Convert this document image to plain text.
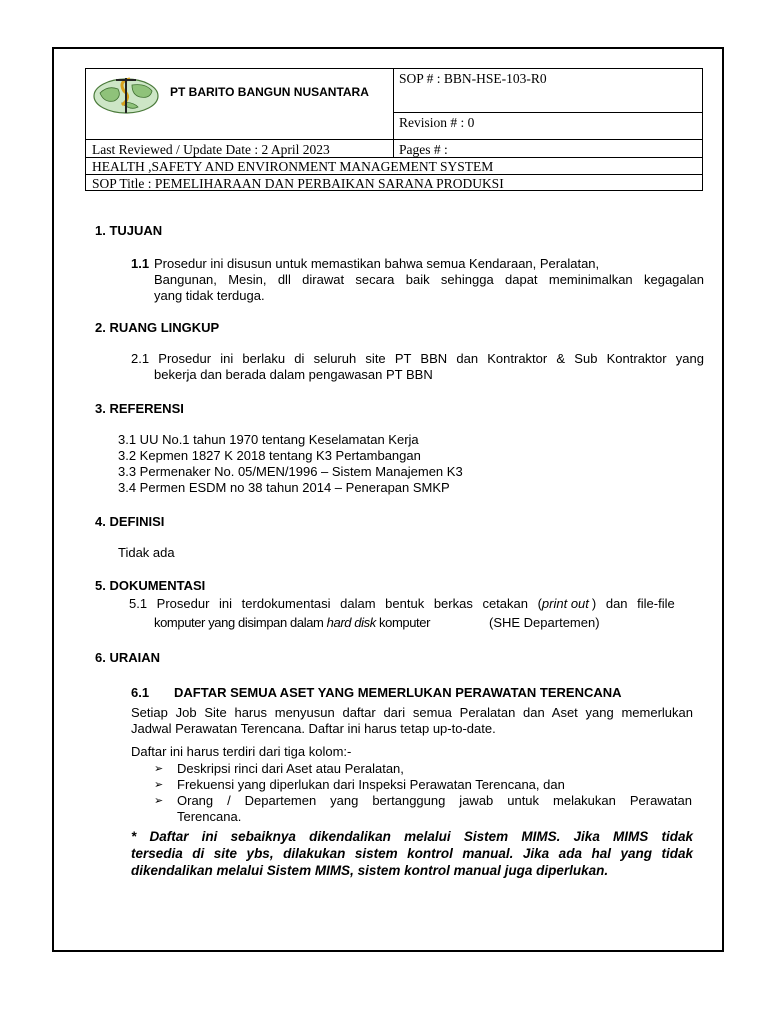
PT BARITO BANGUN NUSANTARA
SOP # : BBN-HSE-103-R0
Revision # : 0
Last Reviewed / Update Date : 2 April 2023	Pages # :
HEALTH ,SAFETY AND ENVIRONMENT MANAGEMENT SYSTEM
SOP Title : PEMELIHARAAN DAN PERBAIKAN SARANA PRODUKSI
1. TUJUAN
1.1 Prosedur ini disusun untuk memastikan bahwa semua Kendaraan, Peralatan,
Bangunan, Mesin, dll dirawat secara baik sehingga dapat meminimalkan kegagalan
yang tidak terduga.
2. RUANG LINGKUP
2.1 Prosedur ini berlaku di seluruh site PT BBN dan Kontraktor & Sub Kontraktor yang
bekerja dan berada dalam pengawasan PT BBN
3. REFERENSI
3.1 UU No.1 tahun 1970 tentang Keselamatan Kerja
3.2 Kepmen 1827 K 2018 tentang K3 Pertambangan
3.3 Permenaker No. 05/MEN/1996 – Sistem Manajemen K3
3.4 Permen ESDM no 38 tahun 2014 – Penerapan SMKP
4. DEFINISI
Tidak ada
5. DOKUMENTASI
5.1 Prosedur ini terdokumentasi dalam bentuk berkas cetakan ( print out ) dan file-file
komputer yang disimpan dalam hard disk komputer	(SHE Departemen)
6. URAIAN
6.1 DAFTAR SEMUA ASET YANG MEMERLUKAN PERAWATAN TERENCANA
Setiap Job Site harus menyusun daftar dari semua Peralatan dan Aset yang memerlukan
Jadwal Perawatan Terencana. Daftar ini harus tetap up-to-date.
Daftar ini harus terdiri dari tiga kolom:-
➢ Deskripsi rinci dari Aset atau Peralatan,
➢ Frekuensi yang diperlukan dari Inspeksi Perawatan Terencana, dan
➢ Orang / Departemen yang bertanggung jawab untuk melakukan Perawatan
Terencana.
* Daftar ini sebaiknya dikendalikan melalui Sistem MIMS. Jika MIMS tidak
tersedia di site ybs, dilakukan sistem kontrol manual. Jika ada hal yang tidak
dikendalikan melalui Sistem MIMS, sistem kontrol manual juga diperlukan.
